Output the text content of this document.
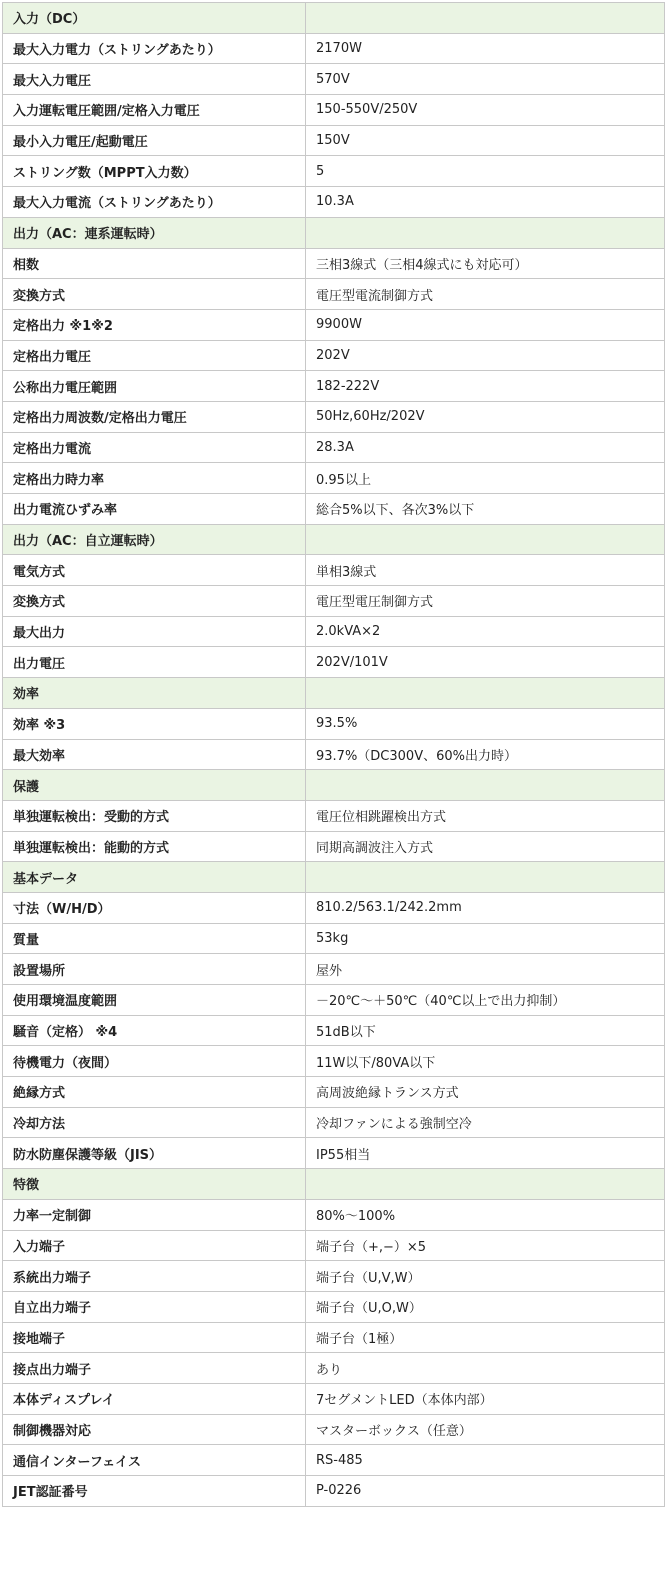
入力（DC）	
最大入力電力（ストリングあたり）	2170W
最大入力電圧	570V
入力運転電圧範囲/定格入力電圧	150-550V/250V
最小入力電圧/起動電圧	150V
ストリング数（MPPT入力数）	5
最大入力電流（ストリングあたり）	10.3A
出力（AC：連系運転時）	
相数	三相3線式（三相4線式にも対応可）
変換方式	電圧型電流制御方式
定格出力 ※1※2	9900W
定格出力電圧	202V
公称出力電圧範囲	182-222V
定格出力周波数/定格出力電圧	50Hz,60Hz/202V
定格出力電流	28.3A
定格出力時力率	0.95以上
出力電流ひずみ率	総合5%以下、各次3%以下
出力（AC：自立運転時）	
電気方式	単相3線式
変換方式	電圧型電圧制御方式
最大出力	2.0kVA×2
出力電圧	202V/101V
効率	
効率 ※3	93.5%
最大効率	93.7%（DC300V、60%出力時）
保護	
単独運転検出：受動的方式	電圧位相跳躍検出方式
単独運転検出：能動的方式	同期高調波注入方式
基本データ	
寸法（W/H/D）	810.2/563.1/242.2mm
質量	53kg
設置場所	屋外
使用環境温度範囲	－20℃～＋50℃（40℃以上で出力抑制）
騒音（定格） ※4	51dB以下
待機電力（夜間）	11W以下/80VA以下
絶縁方式	高周波絶縁トランス方式
冷却方法	冷却ファンによる強制空冷
防水防塵保護等級（JIS）	IP55相当
特徴	
力率一定制御	80%～100%
入力端子	端子台（+,−）×5
系統出力端子	端子台（U,V,W）
自立出力端子	端子台（U,O,W）
接地端子	端子台（1極）
接点出力端子	あり
本体ディスプレイ	7セグメントLED（本体内部）
制御機器対応	マスターボックス（任意）
通信インターフェイス	RS-485
JET認証番号	P-0226
